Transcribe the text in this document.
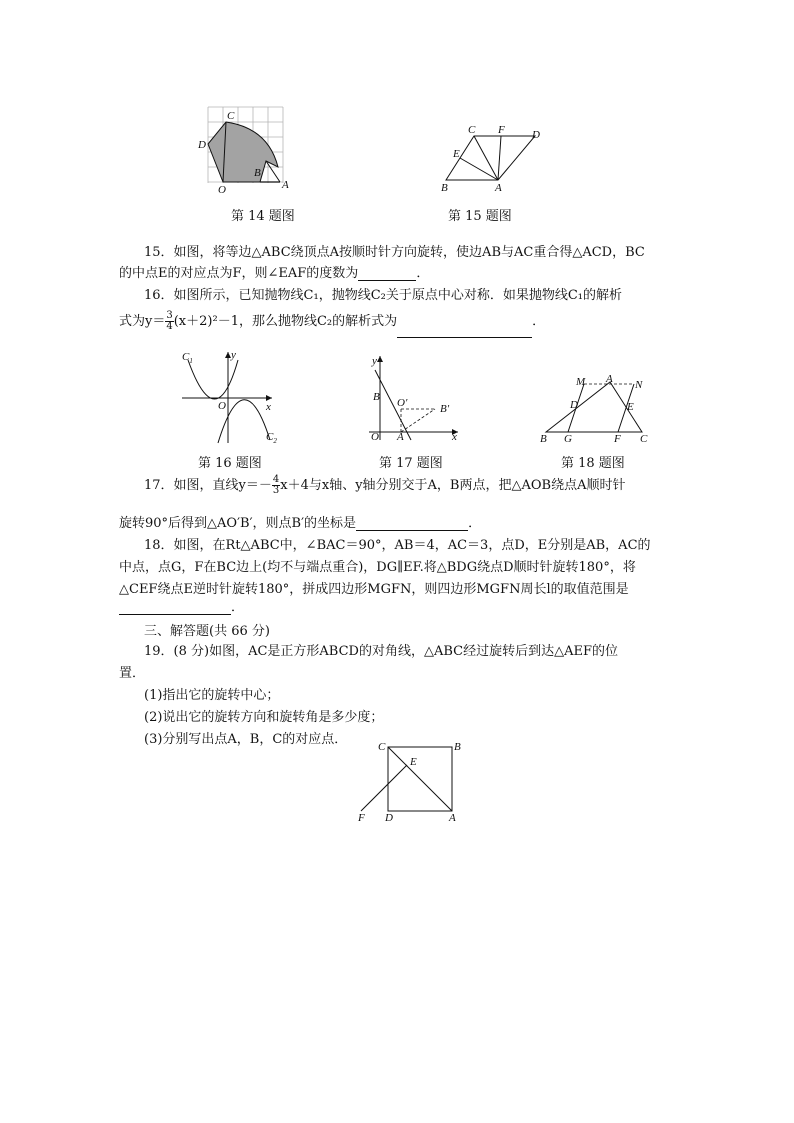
C
D
O
B
A
第 14 题图
C F D
E
B	A
第 15 题图
15．如图，将等边△ABC绕顶点A按顺时针方向旋转，使边AB与AC重合得△ACD，BC
的中点E的对应点为F，则∠EAF的度数为	．
16．如图所示，已知抛物线C₁，抛物线C₂关于原点中心对称．如果抛物线C₁的解析
式为$y= \frac{3}{4} (x+2)^2-1$，那么抛物线C₂的解析式为	．
$C_1$	y
O	x
$C_2$
第 16 题图
y
B O′	B′
O A	x
第 17 题图
M A N
D	E
B G	F C
第 18 题图
17．如图，直线$y=- \frac{4}{3} x+4$与x轴、y轴分别交于A，B两点，把△AOB绕点A顺时针
旋转90°后得到△AO′B′，则点B′的坐标是	．
18．如图，在Rt△ABC中，∠BAC＝90°，AB＝4，AC＝3，点D，E分别是AB，AC的
中点，点G，F在BC边上(均不与端点重合)，DG∥EF.将△BDG绕点D顺时针旋转180°，将
△CEF绕点E逆时针旋转180°，拼成四边形MGFN，则四边形MGFN周长l的取值范围是
．
三、解答题(共 66 分)
19．(8 分)如图，AC是正方形ABCD的对角线，△ABC经过旋转后到达△AEF的位
置．
(1)指出它的旋转中心；
(2)说出它的旋转方向和旋转角是多少度；
(3)分别写出点A，B，C的对应点．	C	B
E
F D	A
